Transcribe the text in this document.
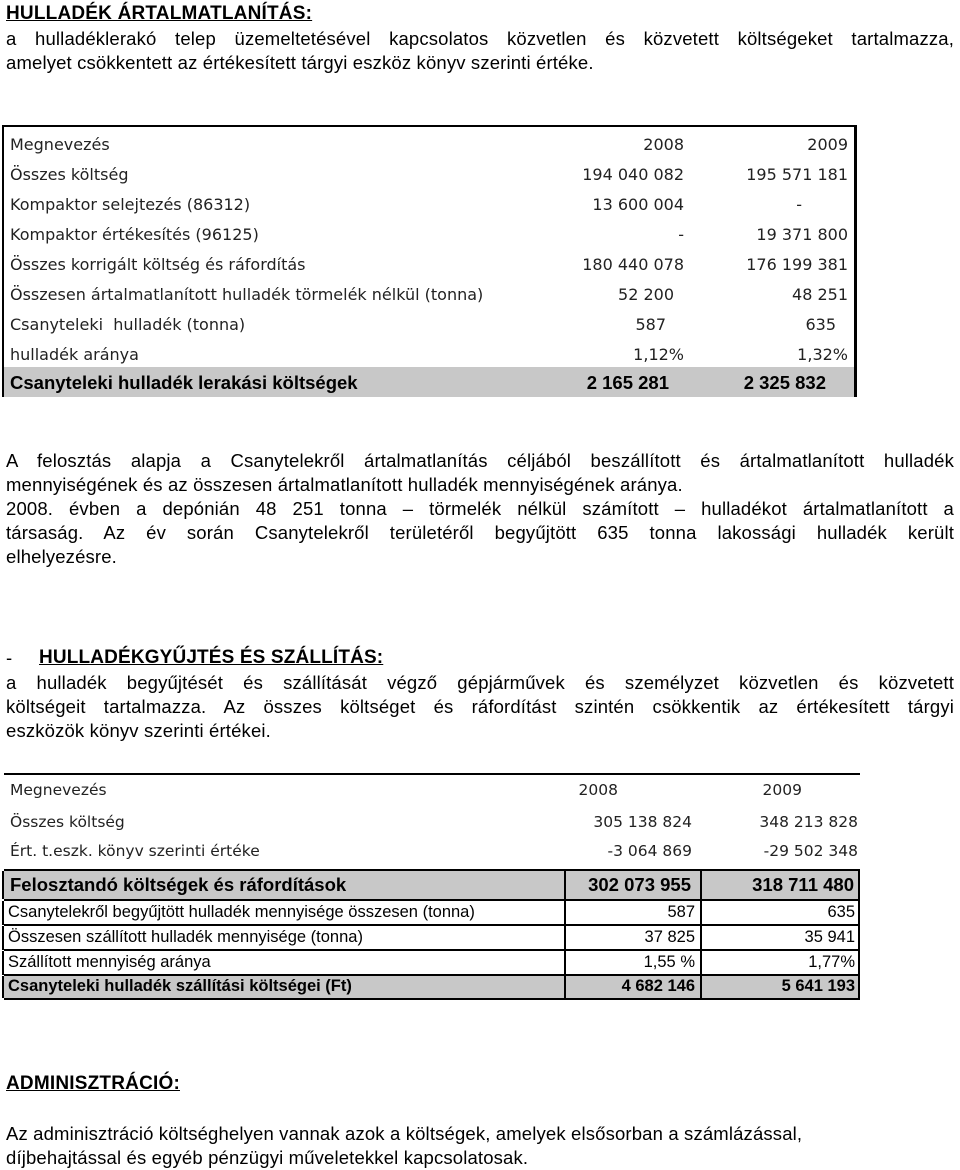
HULLADÉK ÁRTALMATLANÍTÁS:
a hulladéklerakó telep üzemeltetésével kapcsolatos közvetlen és közvetett költségeket tartalmazza,
amelyet csökkentett az értékesített tárgyi eszköz könyv szerinti értéke.
Megnevezés	2008	2009
Összes költség	194 040 082	195 571 181
Kompaktor selejtezés (86312)	13 600 004	-
Kompaktor értékesítés (96125)	-	19 371 800
Összes korrigált költség és ráfordítás	180 440 078	176 199 381
Összesen ártalmatlanított hulladék törmelék nélkül (tonna)	52 200	48 251
Csanyteleki  hulladék (tonna)	587	635
hulladék aránya	1,12%	1,32%
Csanyteleki hulladék lerakási költségek	2 165 281	2 325 832
A felosztás alapja a Csanytelekről ártalmatlanítás céljából beszállított és ártalmatlanított hulladék
mennyiségének és az összesen ártalmatlanított hulladék mennyiségének aránya.
2008. évben a depónián 48 251 tonna – törmelék nélkül számított – hulladékot ártalmatlanított a
társaság. Az év során Csanytelekről területéről begyűjtött 635 tonna lakossági hulladék került
elhelyezésre.
- HULLADÉKGYŰJTÉS ÉS SZÁLLÍTÁS:
a hulladék begyűjtését és szállítását végző gépjárművek és személyzet közvetlen és közvetett
költségeit tartalmazza. Az összes költséget és ráfordítást szintén csökkentik az értékesített tárgyi
eszközök könyv szerinti értékei.
Megnevezés	2008	2009
Összes költség	305 138 824	348 213 828
Ért. t.eszk. könyv szerinti értéke	-3 064 869	-29 502 348
Felosztandó költségek és ráfordítások	302 073 955	318 711 480
Csanytelekről begyűjtött hulladék mennyisége összesen (tonna)	587	635
Összesen szállított hulladék mennyisége (tonna)	37 825	35 941
Szállított mennyiség aránya	1,55 %	1,77%
Csanyteleki hulladék szállítási költségei (Ft)	4 682 146	5 641 193
ADMINISZTRÁCIÓ:
Az adminisztráció költséghelyen vannak azok a költségek, amelyek elsősorban a számlázással,
díjbehajtással és egyéb pénzügyi műveletekkel kapcsolatosak.
